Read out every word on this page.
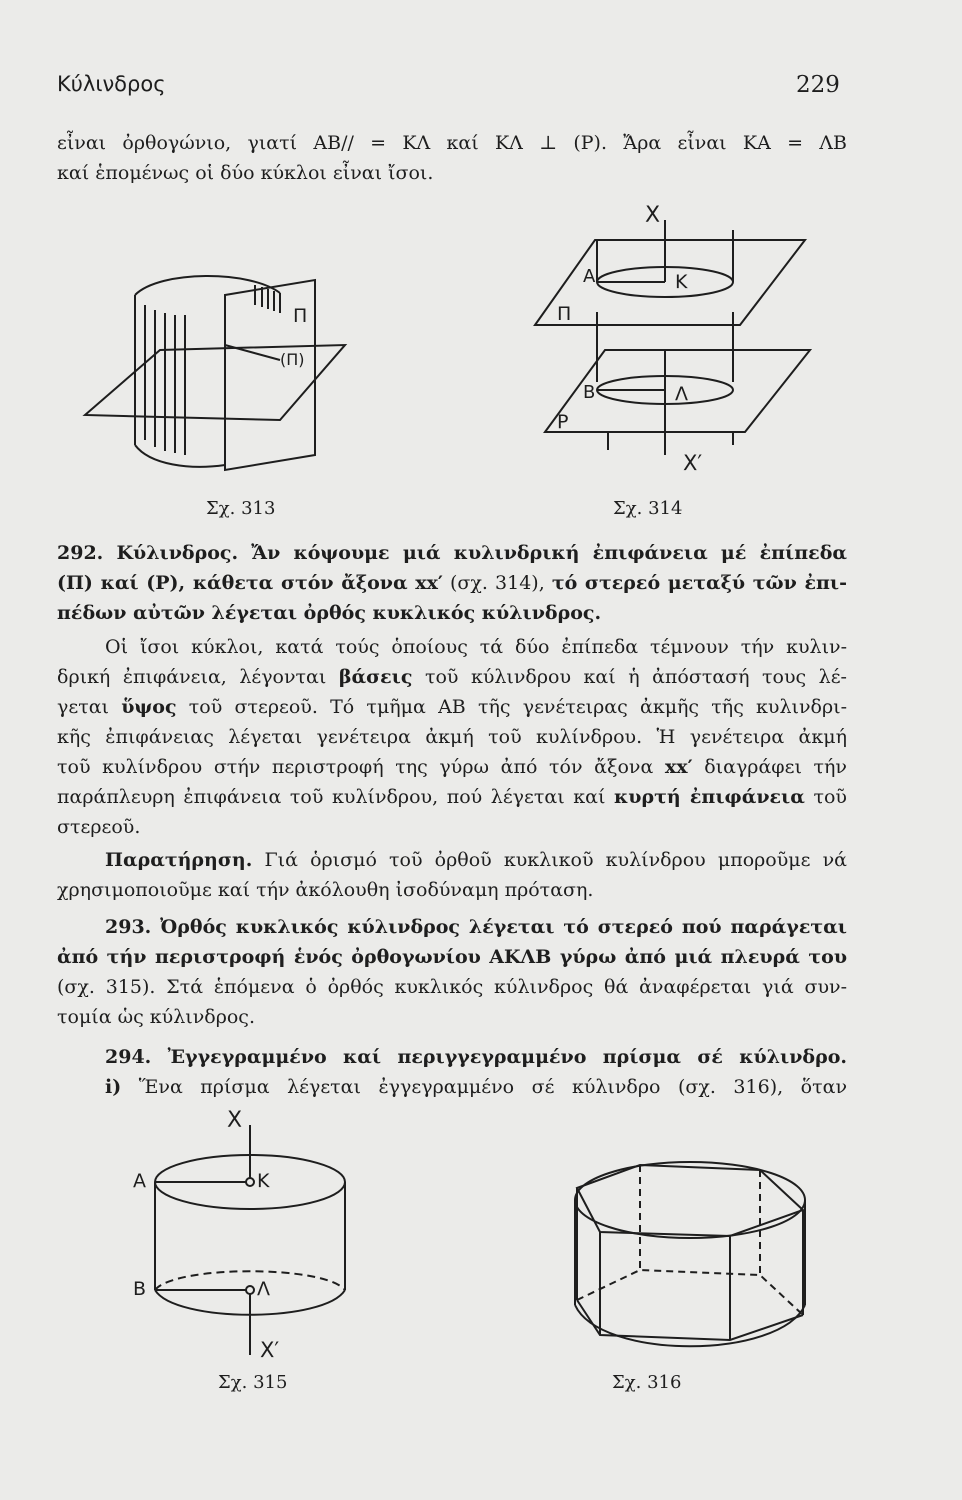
Κύλινδρος	229

εἶναι ὀρθογώνιο, γιατί ΑΒ// = ΚΛ καί ΚΛ ⊥ (Ρ). Ἄρα εἶναι ΚΑ = ΛΒ
καί ἑπομένως οἱ δύο κύκλοι εἶναι ἴσοι.

Π
(Π)
Σχ. 313
Χ
Α	Κ
Π
Β	Λ
Ρ
Χ′
Σχ. 314

292. Κύλινδρος. Ἄν κόψουμε μιά κυλινδρική ἐπιφάνεια μέ ἐπίπεδα
(Π) καί (Ρ), κάθετα στόν ἄξονα xx′ (σχ. 314), τό στερεό μεταξύ τῶν ἐπι-
πέδων αὐτῶν λέγεται ὀρθός κυκλικός κύλινδρος.

Οἱ ἴσοι κύκλοι, κατά τούς ὁποίους τά δύο ἐπίπεδα τέμνουν τήν κυλιν-
δρική ἐπιφάνεια, λέγονται βάσεις τοῦ κύλινδρου καί ἡ ἀπόστασή τους λέ-
γεται ὕψος τοῦ στερεοῦ. Τό τμῆμα ΑΒ τῆς γενέτειρας ἀκμῆς τῆς κυλινδρι-
κῆς ἐπιφάνειας λέγεται γενέτειρα ἀκμή τοῦ κυλίνδρου. Ἡ γενέτειρα ἀκμή
τοῦ κυλίνδρου στήν περιστροφή της γύρω ἀπό τόν ἄξονα xx′ διαγράφει τήν
παράπλευρη ἐπιφάνεια τοῦ κυλίνδρου, πού λέγεται καί κυρτή ἐπιφάνεια τοῦ
στερεοῦ.

Παρατήρηση. Γιά ὁρισμό τοῦ ὀρθοῦ κυκλικοῦ κυλίνδρου μποροῦμε νά
χρησιμοποιοῦμε καί τήν ἀκόλουθη ἰσοδύναμη πρόταση.

293. Ὀρθός κυκλικός κύλινδρος λέγεται τό στερεό πού παράγεται
ἀπό τήν περιστροφή ἑνός ὀρθογωνίου ΑΚΛΒ γύρω ἀπό μιά πλευρά του
(σχ. 315). Στά ἑπόμενα ὁ ὀρθός κυκλικός κύλινδρος θά ἀναφέρεται γιά συν-
τομία ὡς κύλινδρος.

294. Ἐγγεγραμμένο καί περιγγεγραμμένο πρίσμα σέ κύλινδρο.
i) Ἕνα πρίσμα λέγεται ἐγγεγραμμένο σέ κύλινδρο (σχ. 316), ὅταν

Χ
Α	Κ
Β	Λ
Χ′
Σχ. 315	Σχ. 316
